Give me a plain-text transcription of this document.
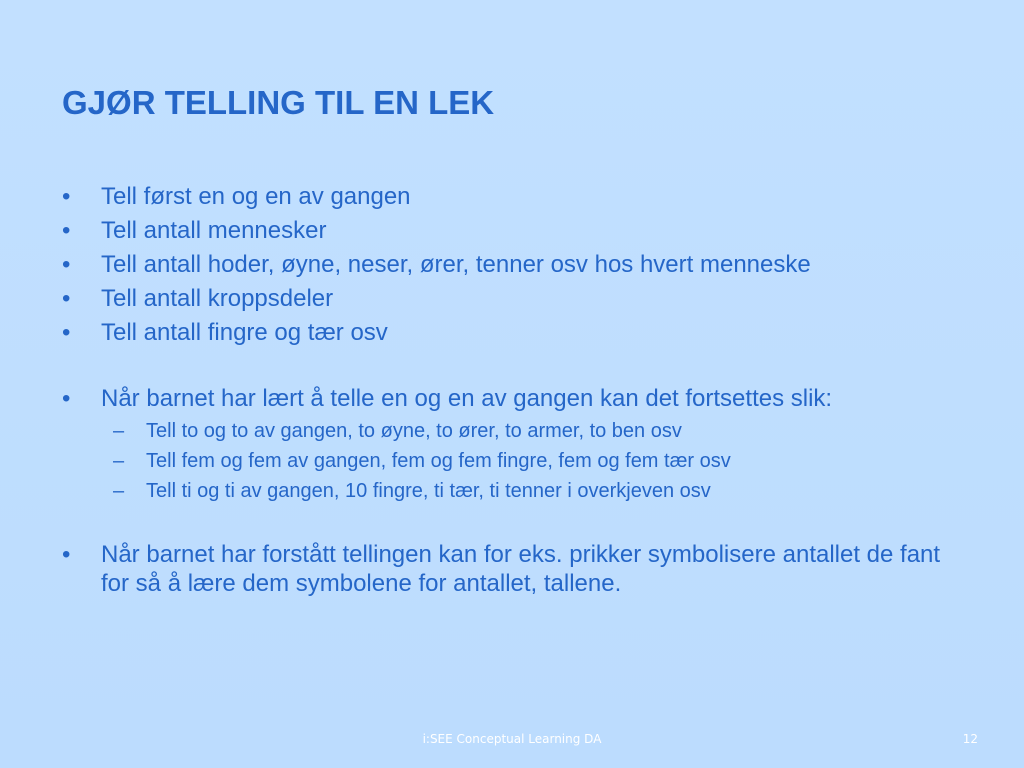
GJØR TELLING TIL EN LEK
•	Tell først en og en av gangen
•	Tell antall mennesker
•	Tell antall hoder, øyne, neser, ører, tenner osv hos hvert menneske
•	Tell antall kroppsdeler
•	Tell antall fingre og tær osv
•	Når barnet har lært å telle en og en av gangen kan det fortsettes slik:
– Tell to og to av gangen, to øyne, to ører, to armer, to ben osv
– Tell fem og fem av gangen, fem og fem fingre, fem og fem tær osv
– Tell ti og ti av gangen, 10 fingre, ti tær, ti tenner i overkjeven osv
•	Når barnet har forstått tellingen kan for eks. prikker symbolisere antallet de fant for så å lære dem symbolene for antallet, tallene.
i:SEE Conceptual Learning DA	12
